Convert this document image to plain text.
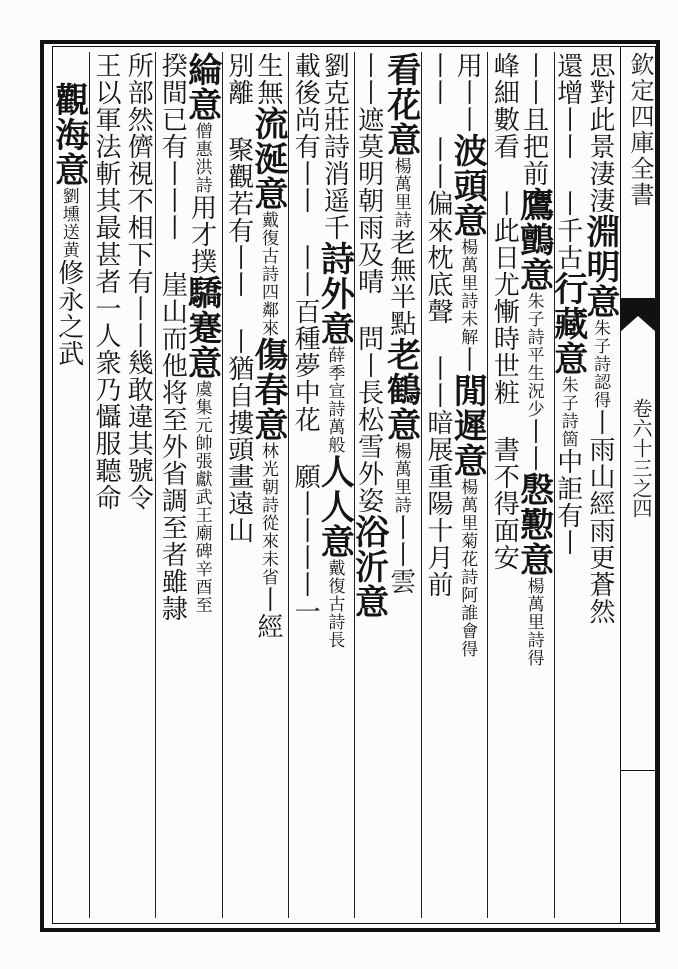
欽定四庫全書
卷六十三之四
思對此景淒淒淵明意朱子詩認得丨雨山經雨更蒼然
還增丨丨丨千古行藏意朱子詩箇中詎有丨
丨丨且把前鷹鸇意朱子詩平生況少丨丨慇懃意楊萬里詩得
峰細數看丨此日尤慚時世粧書不得面安
用丨丨波頭意楊萬里詩未解丨閒遲意楊萬里菊花詩阿誰會得
丨丨丨丨偏來枕底聲丨丨暗展重陽十月前
看花意楊萬里詩老無半點老鶴意楊萬里詩丨丨雲
丨丨遮莫明朝雨及晴問丨長松雪外姿浴沂意
劉克莊詩消遥千詩外意薛季宣詩萬般人人意戴復古詩長
載後尚有丨丨丨丨百種夢中花願丨丨丨丨一
生無流涎意戴復古詩四鄰來傷春意林光朝詩從來未省丨經
別離聚觀若有丨丨丨猶自摟頭畫遠山
綸意僧惠洪詩用才撲驕蹇意虞集元帥張獻武王廟碑辛酉至
揆間已有丨丨丨崖山而他将至外省調至者雖隷
所部然儕視不相下有丨丨幾敢違其號令
王以軍法斬其最甚者一人衆乃懾服聽命
觀海意劉壎送黄修永之武
